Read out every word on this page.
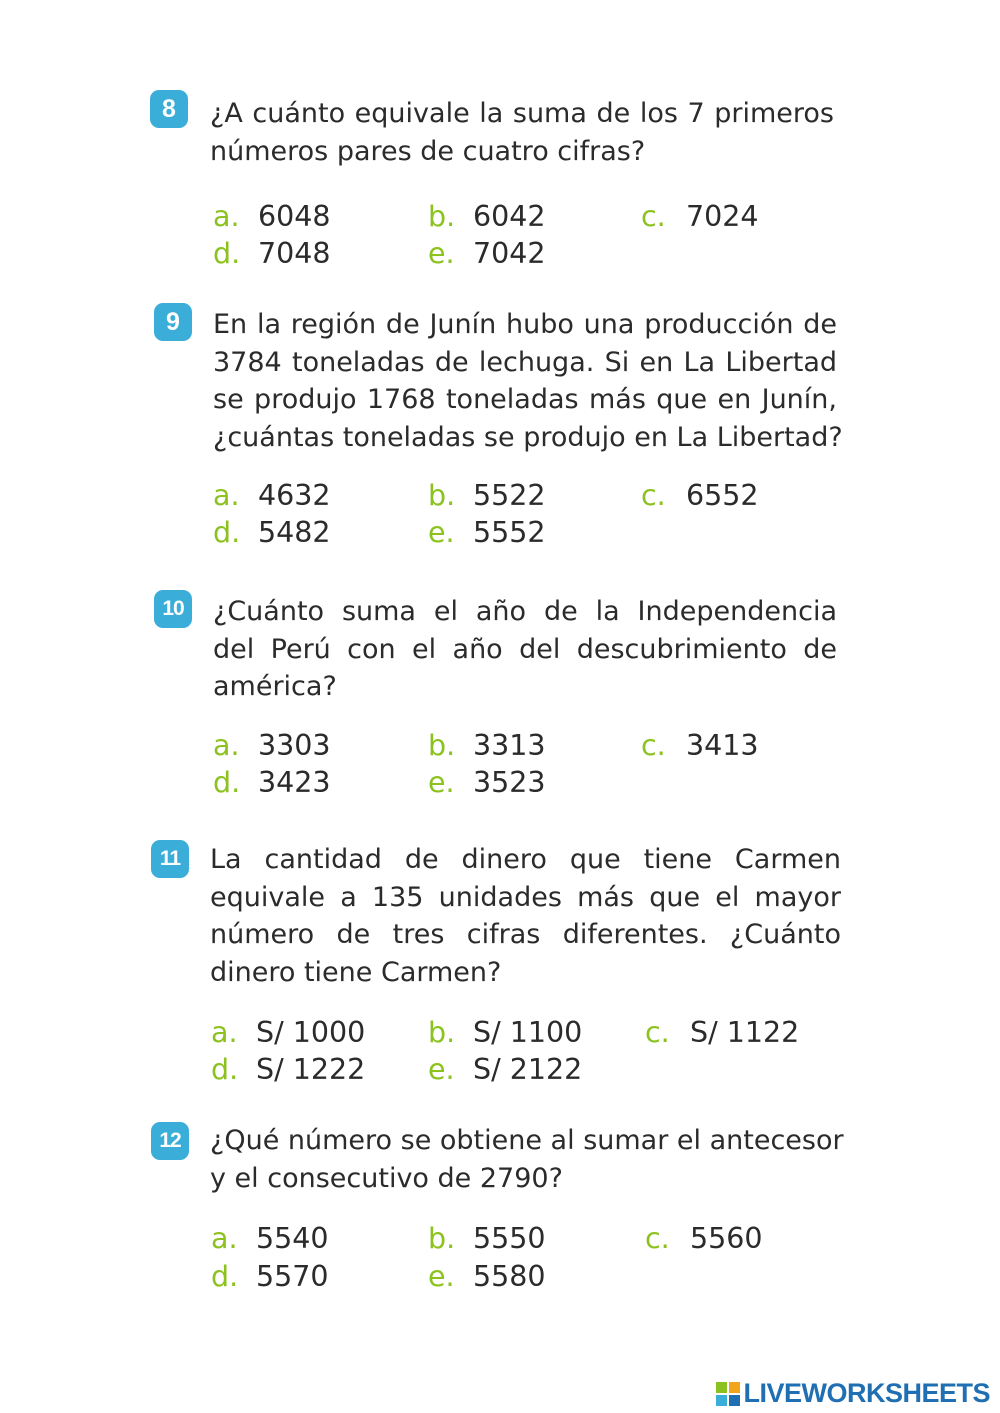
8	¿A cuánto equivale la suma de los 7 primeros
números pares de cuatro cifras?
a. 6048	b. 6042	c. 7024
d. 7048	e. 7042
9	En la región de Junín hubo una producción de
3784 toneladas de lechuga. Si en La Libertad
se produjo 1768 toneladas más que en Junín,
¿cuántas toneladas se produjo en La Libertad?
a. 4632	b. 5522	c. 6552
d. 5482	e. 5552
10	¿Cuánto suma el año de la Independencia
del Perú con el año del descubrimiento de
américa?
a. 3303	b. 3313	c. 3413
d. 3423	e. 3523
11	La cantidad de dinero que tiene Carmen
equivale a 135 unidades más que el mayor
número de tres cifras diferentes. ¿Cuánto
dinero tiene Carmen?
a. S/ 1000 b. S/ 1100 c. S/ 1122
d. S/ 1222 e. S/ 2122
12	¿Qué número se obtiene al sumar el antecesor
y el consecutivo de 2790?
a. 5540	b. 5550	c. 5560
d. 5570	e. 5580
LIVEWORKSHEETS
